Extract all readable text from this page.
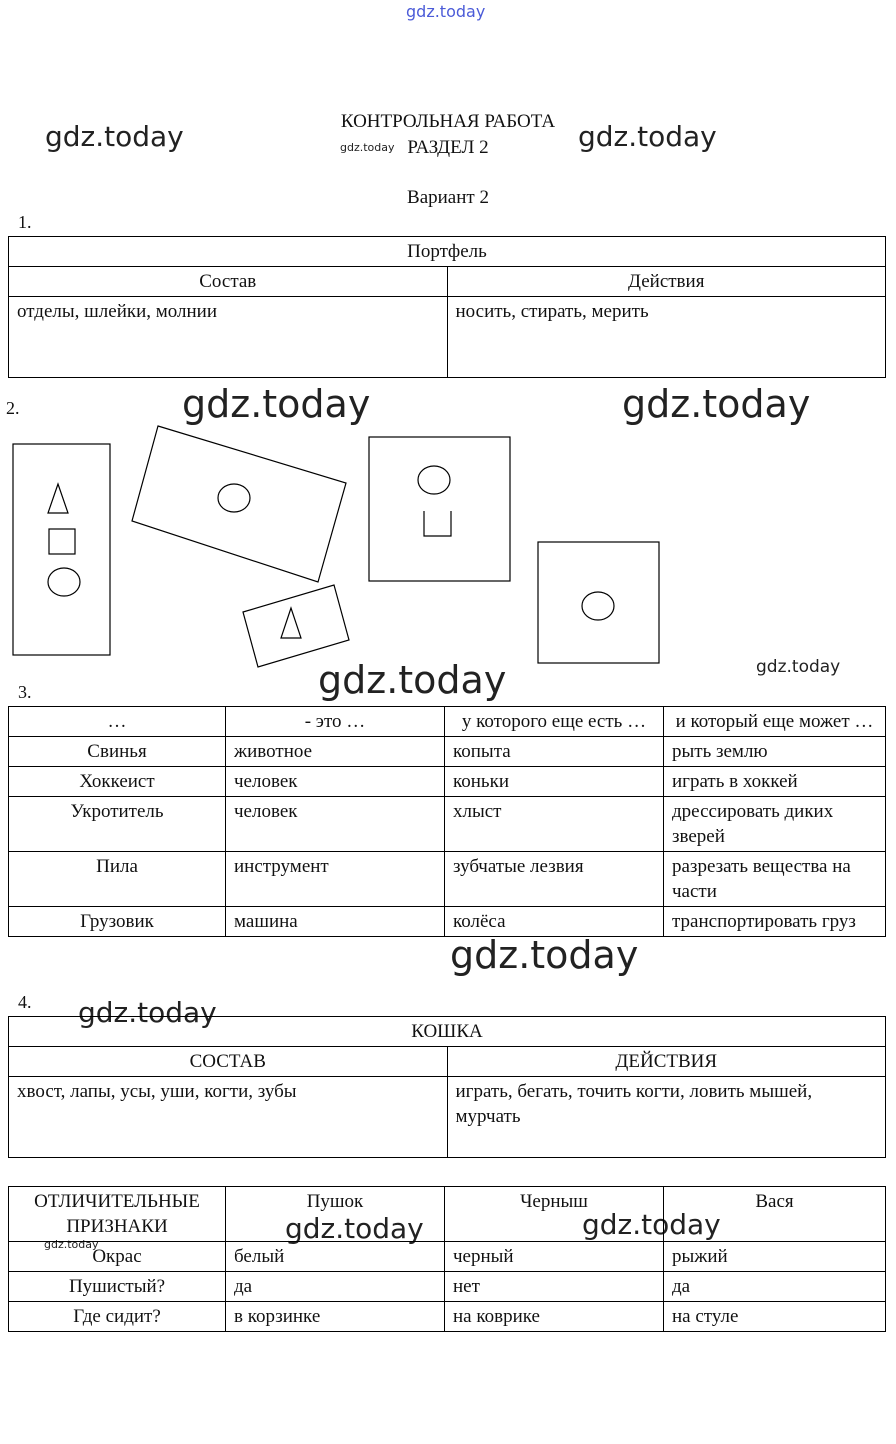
gdz.today
gdz.today	gdz.today
gdz.today
gdz.today	gdz.today
gdz.today
gdz.today
gdz.today
gdz.today
gdz.today	gdz.today
gdz.today
КОНТРОЛЬНАЯ РАБОТА
РАЗДЕЛ 2
Вариант 2
1.
Портфель	
Состав	Действия
отделы, шлейки, молнии	носить, стирать, мерить
2.
3.
…	- это …	у которого еще есть …	и который еще может …
Свинья	животное	копыта	рыть землю
Хоккеист	человек	коньки	играть в хоккей
Укротитель	человек	хлыст	дрессировать диких зверей
Пила	инструмент	зубчатые лезвия	разрезать вещества на части
Грузовик	машина	колёса	транспортировать груз
4.
КОШКА	
СОСТАВ	ДЕЙСТВИЯ
хвост, лапы, усы, уши, когти, зубы	играть, бегать, точить когти, ловить мышей, мурчать
ОТЛИЧИТЕЛЬНЫЕ ПРИЗНАКИ	Пушок	Черныш	Вася
Окрас	белый	черный	рыжий
Пушистый?	да	нет	да
Где сидит?	в корзинке	на коврике	на стуле
